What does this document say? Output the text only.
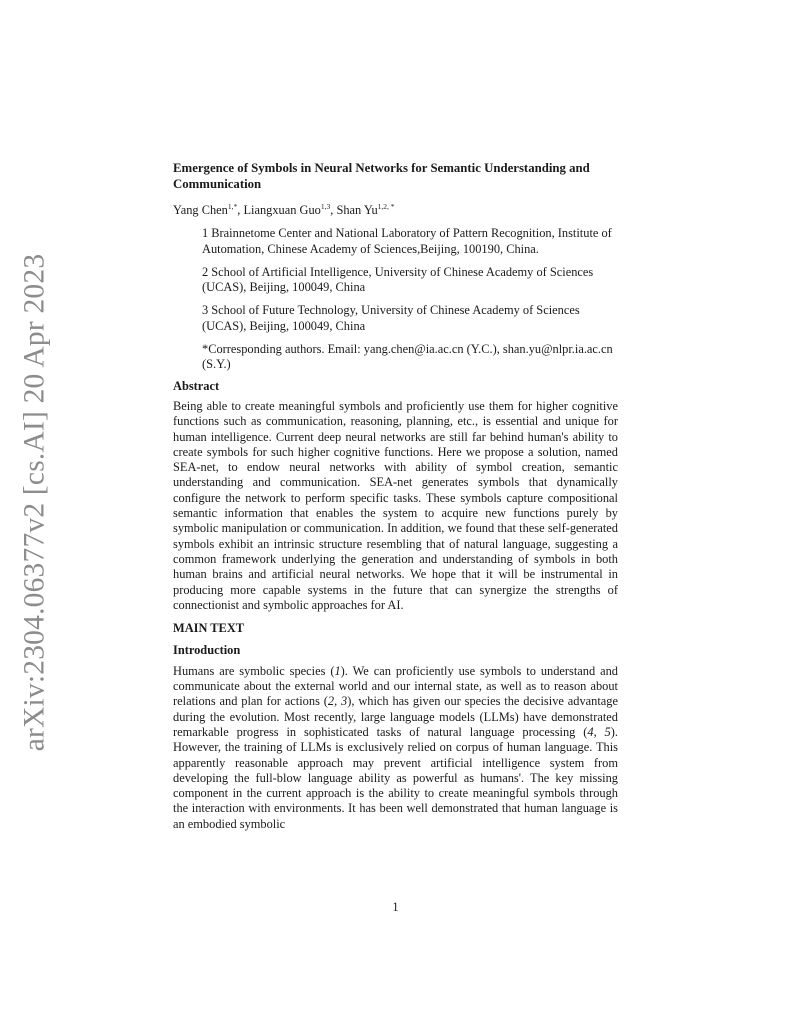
arXiv:2304.06377v2 [cs.AI] 20 Apr 2023
Emergence of Symbols in Neural Networks for Semantic Understanding and Communication

Yang Chen$^{1,*}$, Liangxuan Guo$^{1,3}$, Shan $Yu^{1,2, *}$

1 Brainnetome Center and National Laboratory of Pattern Recognition, Institute of Automation, Chinese Academy of Sciences,Beijing, 100190, China.

2 School of Artificial Intelligence, University of Chinese Academy of Sciences (UCAS), Beijing, 100049, China

3 School of Future Technology, University of Chinese Academy of Sciences (UCAS), Beijing, 100049, China

*Corresponding authors. Email: yang.chen@ia.ac.cn (Y.C.), shan.yu@nlpr.ia.ac.cn (S.Y.)

Abstract

Being able to create meaningful symbols and proficiently use them for higher cognitive functions such as communication, reasoning, planning, etc., is essential and unique for human intelligence. Current deep neural networks are still far behind human's ability to create symbols for such higher cognitive functions. Here we propose a solution, named SEA-net, to endow neural networks with ability of symbol creation, semantic understanding and communication. SEA-net generates symbols that dynamically configure the network to perform specific tasks. These symbols capture compositional semantic information that enables the system to acquire new functions purely by symbolic manipulation or communication. In addition, we found that these self-generated symbols exhibit an intrinsic structure resembling that of natural language, suggesting a common framework underlying the generation and understanding of symbols in both human brains and artificial neural networks. We hope that it will be instrumental in producing more capable systems in the future that can synergize the strengths of connectionist and symbolic approaches for AI.

MAIN TEXT
Introduction

Humans are symbolic species (1). We can proficiently use symbols to understand and communicate about the external world and our internal state, as well as to reason about relations and plan for actions (2, 3), which has given our species the decisive advantage during the evolution. Most recently, large language models (LLMs) have demonstrated remarkable progress in sophisticated tasks of natural language processing (4, 5). However, the training of LLMs is exclusively relied on corpus of human language. This apparently reasonable approach may prevent artificial intelligence system from developing the full-blow language ability as powerful as humans'. The key missing component in the current approach is the ability to create meaningful symbols through the interaction with environments. It has been well demonstrated that human language is an embodied symbolic

1
